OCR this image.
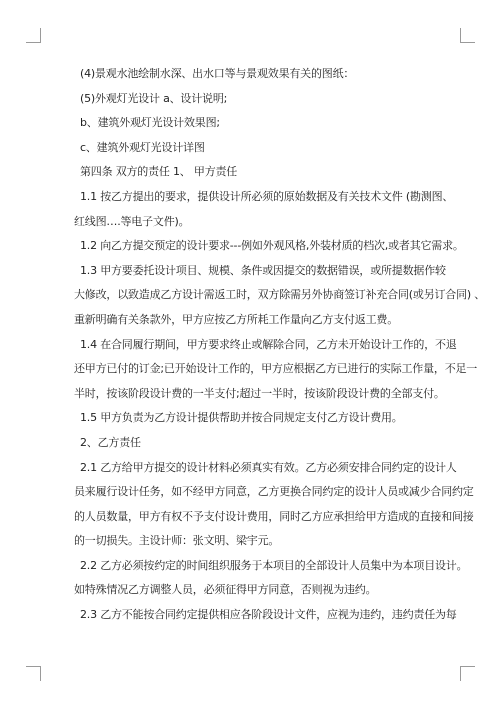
(4)景观水池绘制水深、出水口等与景观效果有关的图纸：

(5)外观灯光设计 a、设计说明;

b、建筑外观灯光设计效果图;

c、建筑外观灯光设计详图

第四条 双方的责任 1、 甲方责任

1.1 按乙方提出的要求，提供设计所必须的原始数据及有关技术文件 (勘测图、

红线图….等电子文件)。

1.2 向乙方提交预定的设计要求---例如外观风格,外装材质的档次,或者其它需求。

1.3 甲方要委托设计项目、规模、条件或因提交的数据错误，或所提数据作较

大修改，以致造成乙方设计需返工时，双方除需另外协商签订补充合同(或另订合同) 、

重新明确有关条款外，甲方应按乙方所耗工作量向乙方支付返工费。

1.4 在合同履行期间，甲方要求终止或解除合同，乙方未开始设计工作的，不退

还甲方已付的订金;已开始设计工作的，甲方应根据乙方已进行的实际工作量，不足一

半时，按该阶段设计费的一半支付;超过一半时，按该阶段设计费的全部支付。

1.5 甲方负责为乙方设计提供帮助并按合同规定支付乙方设计费用。

2、乙方责任

2.1 乙方给甲方提交的设计材料必须真实有效。乙方必须安排合同约定的设计人

员来履行设计任务，如不经甲方同意，乙方更换合同约定的设计人员或减少合同约定

的人员数量，甲方有权不予支付设计费用，同时乙方应承担给甲方造成的直接和间接

的一切损失。主设计师：张文明、梁宇元。

2.2 乙方必须按约定的时间组织服务于本项目的全部设计人员集中为本项目设计。

如特殊情况乙方调整人员，必须征得甲方同意，否则视为违约。

2.3 乙方不能按合同约定提供相应各阶段设计文件，应视为违约，违约责任为每
